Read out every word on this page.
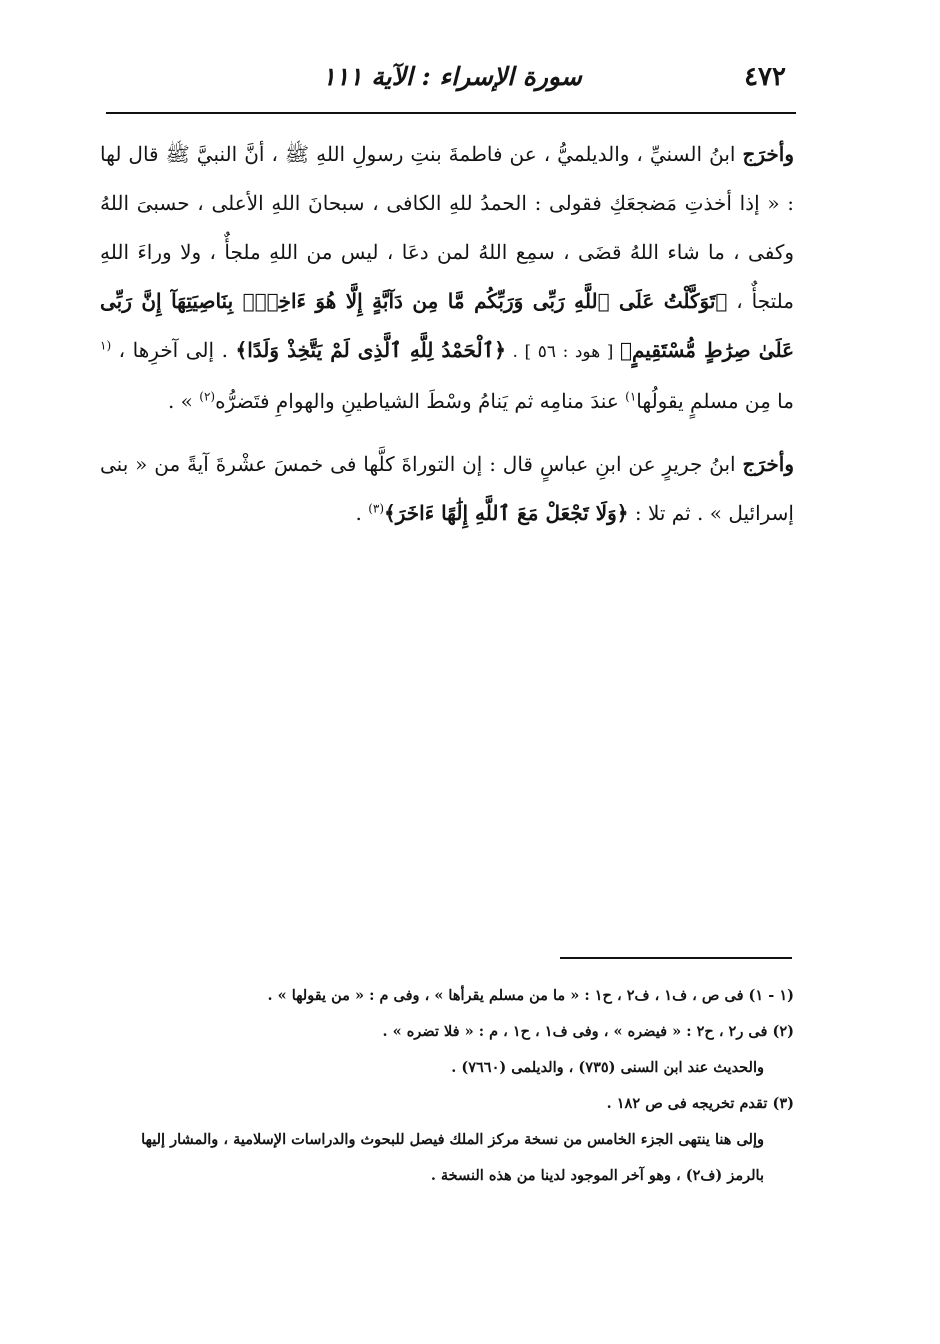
٤٧٢
سورة الإسراء : الآية ١١١

وأخرَج ابنُ السنيِّ ، والديلميُّ ، عن فاطمةَ بنتِ رسولِ اللهِ ﷺ ، أنَّ النبيَّ ﷺ قال لها : « إذا أخذتِ مَضجعَكِ فقولى : الحمدُ للهِ الكافى ، سبحانَ اللهِ الأعلى ، حسبىَ اللهُ وكفى ، ما شاء اللهُ قضَى ، سمِع اللهُ لمن دعَا ، ليس من اللهِ ملجأٌ ، ولا وراءَ اللهِ ملتجأٌ ، ﴿تَوَكَّلْتُ عَلَى ٱللَّهِ رَبِّى وَرَبِّكُم مَّا مِن دَآبَّةٍ إِلَّا هُوَ ءَاخِذٌۢ بِنَاصِيَتِهَآ إِنَّ رَبِّى عَلَىٰ صِرَٰطٍ مُّسْتَقِيمٍ﴾ [ هود : ٥٦ ] . ﴿ٱلْحَمْدُ لِلَّهِ ٱلَّذِى لَمْ يَتَّخِذْ وَلَدًا﴾ . إلى آخرِها ، $^{(١}$ ما مِن مسلمٍ يقولُها$^{١)}$ عندَ منامِه ثم يَنامُ وسْطَ الشياطينِ والهوامِ فتَضرُّه$^{(٢)}$ » .

وأخرَج ابنُ جريرٍ عن ابنِ عباسٍ قال : إن التوراةَ كلَّها فى خمسَ عشْرةَ آيةً من « بنى إسرائيل » . ثم تلا : ﴿وَلَا تَجْعَلْ مَعَ ٱللَّهِ إِلَٰهًا ءَاخَرَ﴾$^{(٣)}$ .

(١ - ١) فى ص ، ف١ ، ف٢ ، ح١ : « ما من مسلم يقرأها » ، وفى م : « من يقولها » .

(٢) فى ر٢ ، ح٢ : « فيضره » ، وفى ف١ ، ح١ ، م : « فلا تضره » .

والحديث عند ابن السنى (٧٣٥) ، والديلمى (٧٦٦٠) .

(٣) تقدم تخريجه فى ص ١٨٢ .

وإلى هنا ينتهى الجزء الخامس من نسخة مركز الملك فيصل للبحوث والدراسات الإسلامية ، والمشار إليها بالرمز (ف٢) ، وهو آخر الموجود لدينا من هذه النسخة .
